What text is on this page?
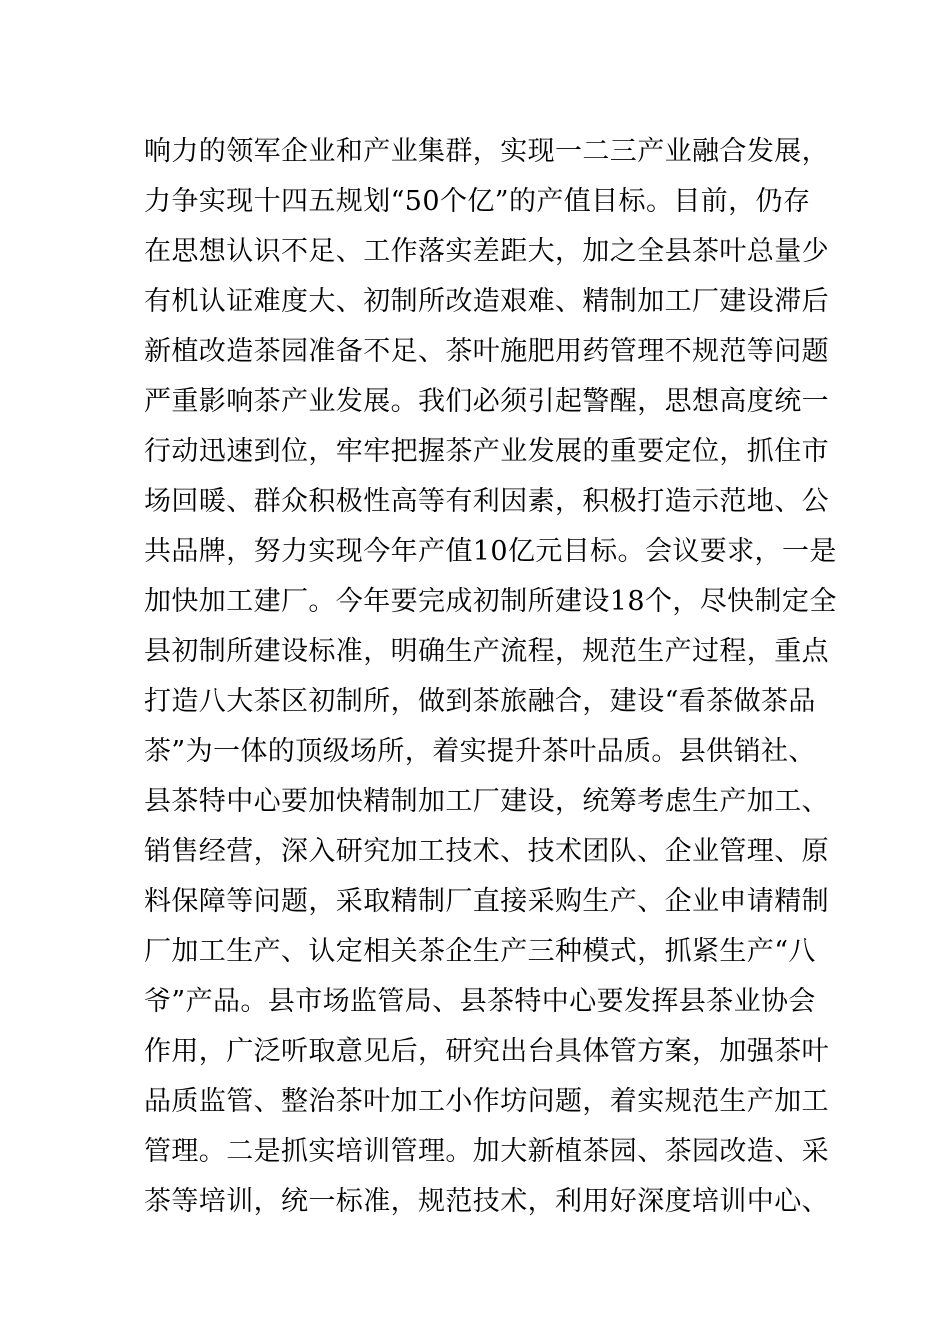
响力的领军企业和产业集群，实现一二三产业融合发展，
力争实现十四五规划“50个亿”的产值目标。目前，仍存
在思想认识不足、工作落实差距大，加之全县茶叶总量少
有机认证难度大、初制所改造艰难、精制加工厂建设滞后
新植改造茶园准备不足、茶叶施肥用药管理不规范等问题
严重影响茶产业发展。我们必须引起警醒，思想高度统一
行动迅速到位，牢牢把握茶产业发展的重要定位，抓住市
场回暖、群众积极性高等有利因素，积极打造示范地、公
共品牌，努力实现今年产值10亿元目标。会议要求，一是
加快加工建厂。今年要完成初制所建设18个，尽快制定全
县初制所建设标准，明确生产流程，规范生产过程，重点
打造八大茶区初制所，做到茶旅融合，建设“看茶做茶品
茶”为一体的顶级场所，着实提升茶叶品质。县供销社、
县茶特中心要加快精制加工厂建设，统筹考虑生产加工、
销售经营，深入研究加工技术、技术团队、企业管理、原
料保障等问题，采取精制厂直接采购生产、企业申请精制
厂加工生产、认定相关茶企生产三种模式，抓紧生产“八
爷”产品。县市场监管局、县茶特中心要发挥县茶业协会
作用，广泛听取意见后，研究出台具体管方案，加强茶叶
品质监管、整治茶叶加工小作坊问题，着实规范生产加工
管理。二是抓实培训管理。加大新植茶园、茶园改造、采
茶等培训，统一标准，规范技术，利用好深度培训中心、
